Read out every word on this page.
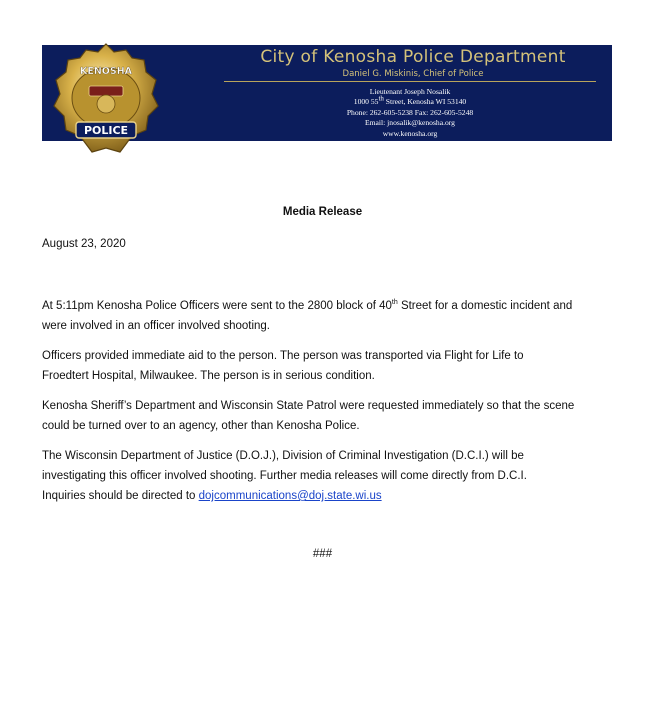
City of Kenosha Police Department
Daniel G. Miskinis, Chief of Police
Lieutenant Joseph Nosalik
1000 55th Street, Kenosha WI 53140
Phone: 262-605-5238 Fax: 262-605-5248
Email: jnosalik@kenosha.org
www.kenosha.org
POLICE
KENOSHA
Media Release
August 23, 2020
At 5:11pm Kenosha Police Officers were sent to the 2800 block of 40th Street for a domestic incident and
were involved in an officer involved shooting.
Officers provided immediate aid to the person. The person was transported via Flight for Life to
Froedtert Hospital, Milwaukee. The person is in serious condition.
Kenosha Sheriff’s Department and Wisconsin State Patrol were requested immediately so that the scene
could be turned over to an agency, other than Kenosha Police.
The Wisconsin Department of Justice (D.O.J.), Division of Criminal Investigation (D.C.I.) will be
investigating this officer involved shooting. Further media releases will come directly from D.C.I.
Inquiries should be directed to dojcommunications@doj.state.wi.us
###
